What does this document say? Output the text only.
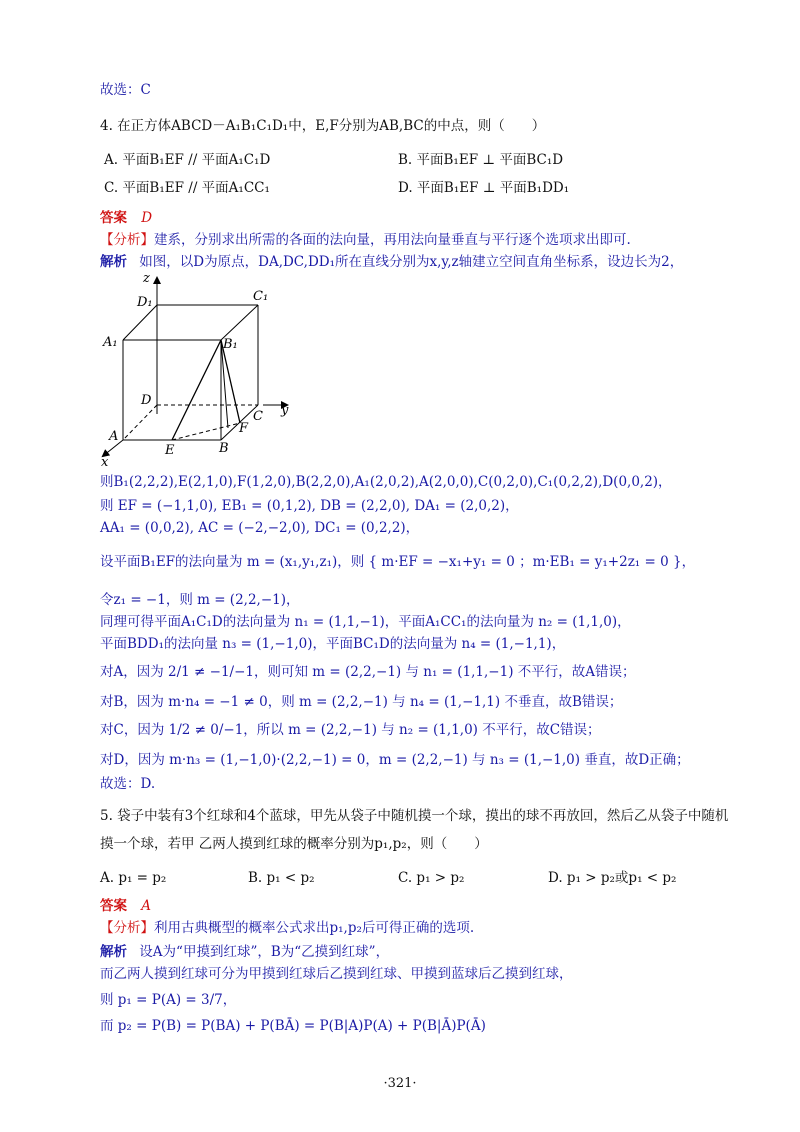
故选：C
4. 在正方体ABCD－A₁B₁C₁D₁中，E,F分别为AB,BC的中点，则（　　）
A. 平面B₁EF // 平面A₁C₁D	B. 平面B₁EF ⊥ 平面BC₁D
C. 平面B₁EF // 平面A₁CC₁	D. 平面B₁EF ⊥ 平面B₁DD₁
答案 D
【分析】建系，分别求出所需的各面的法向量，再用法向量垂直与平行逐个选项求出即可.
解析 如图，以D为原点，DA,DC,DD₁所在直线分别为x,y,z轴建立空间直角坐标系，设边长为2，
z
D₁	C₁
A₁	B₁
D
C y
A
F
E	B
x
则B₁(2,2,2),E(2,1,0),F(1,2,0),B(2,2,0),A₁(2,0,2),A(2,0,0),C(0,2,0),C₁(0,2,2),D(0,0,2)，
则 EF = (−1,1,0), EB₁ = (0,1,2), DB = (2,2,0), DA₁ = (2,0,2)，
AA₁ = (0,0,2), AC = (−2,−2,0), DC₁ = (0,2,2)，
设平面B₁EF的法向量为 m = (x₁,y₁,z₁)，则 { m·EF = −x₁+y₁ = 0 ；m·EB₁ = y₁+2z₁ = 0 }，
令z₁ = −1，则 m = (2,2,−1)，
同理可得平面A₁C₁D的法向量为 n₁ = (1,1,−1)，平面A₁CC₁的法向量为 n₂ = (1,1,0)，
平面BDD₁的法向量 n₃ = (1,−1,0)，平面BC₁D的法向量为 n₄ = (1,−1,1)，
对A，因为 2/1 ≠ −1/−1，则可知 m = (2,2,−1) 与 n₁ = (1,1,−1) 不平行，故A错误；
对B，因为 m·n₄ = −1 ≠ 0，则 m = (2,2,−1) 与 n₄ = (1,−1,1) 不垂直，故B错误；
对C，因为 1/2 ≠ 0/−1，所以 m = (2,2,−1) 与 n₂ = (1,1,0) 不平行，故C错误；
对D，因为 m·n₃ = (1,−1,0)·(2,2,−1) = 0，m = (2,2,−1) 与 n₃ = (1,−1,0) 垂直，故D正确；
故选：D.
5. 袋子中装有3个红球和4个蓝球，甲先从袋子中随机摸一个球，摸出的球不再放回，然后乙从袋子中随机
摸一个球，若甲 乙两人摸到红球的概率分别为p₁,p₂，则（　　）
A. p₁ = p₂	B. p₁ < p₂	C. p₁ > p₂	D. p₁ > p₂或p₁ < p₂
答案 A
【分析】利用古典概型的概率公式求出p₁,p₂后可得正确的选项.
解析 设A为“甲摸到红球”，B为“乙摸到红球”，
而乙两人摸到红球可分为甲摸到红球后乙摸到红球、甲摸到蓝球后乙摸到红球，
则 p₁ = P(A) = 3/7，
而 p₂ = P(B) = P(BA) + P(BĀ) = P(B|A)P(A) + P(B|Ā)P(Ā)
·321·
